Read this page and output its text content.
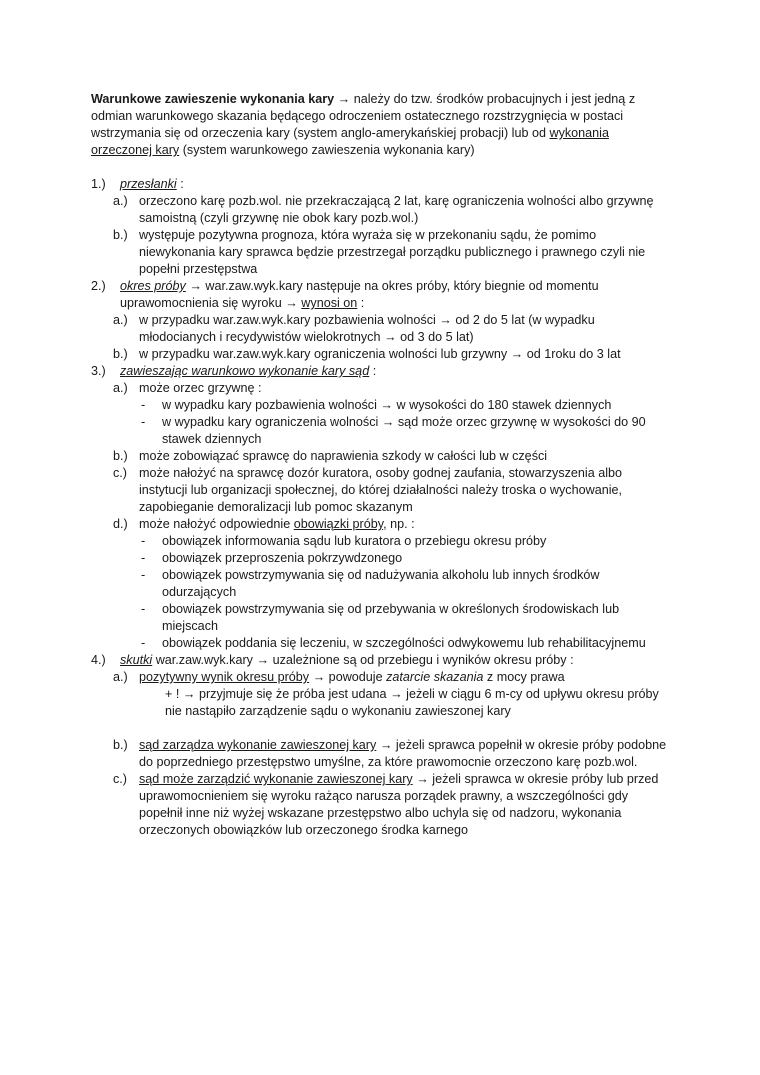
Warunkowe zawieszenie wykonania kary → należy do tzw. środków probacujnych i jest jedną z odmian warunkowego skazania będącego odroczeniem ostatecznego rozstrzygnięcia w postaci wstrzymania się od orzeczenia kary (system anglo-amerykańskiej probacji) lub od wykonania orzeczonej kary (system warunkowego zawieszenia wykonania kary)

1.)	przesłanki :
a.) orzeczono karę pozb.wol. nie przekraczającą 2 lat, karę ograniczenia wolności albo grzywnę samoistną (czyli grzywnę nie obok kary pozb.wol.)
b.) występuje pozytywna prognoza, która wyraża się w przekonaniu sądu, że pomimo niewykonania kary sprawca będzie przestrzegał porządku publicznego i prawnego czyli nie popełni przestępstwa
2.)	okres próby → war.zaw.wyk.kary następuje na okres próby, który biegnie od momentu uprawomocnienia się wyroku → wynosi on :
a.) w przypadku war.zaw.wyk.kary pozbawienia wolności → od 2 do 5 lat (w wypadku młodocianych i recydywistów wielokrotnych → od 3 do 5 lat)
b.) w przypadku war.zaw.wyk.kary ograniczenia wolności lub grzywny → od 1roku do 3 lat
3.)	zawieszając warunkowo wykonanie kary sąd :
a.) może orzec grzywnę :
-	w wypadku kary pozbawienia wolności → w wysokości do 180 stawek dziennych
-	w wypadku kary ograniczenia wolności → sąd może orzec grzywnę w wysokości do 90 stawek dziennych
b.) może zobowiązać sprawcę do naprawienia szkody w całości lub w części
c.) może nałożyć na sprawcę dozór kuratora, osoby godnej zaufania, stowarzyszenia albo instytucji lub organizacji społecznej, do której działalności należy troska o wychowanie, zapobieganie demoralizacji lub pomoc skazanym
d.) może nałożyć odpowiednie obowiązki próby, np. :
-	obowiązek informowania sądu lub kuratora o przebiegu okresu próby
-	obowiązek przeproszenia pokrzywdzonego
-	obowiązek powstrzymywania się od nadużywania alkoholu lub innych środków odurzających
-	obowiązek powstrzymywania się od przebywania w określonych środowiskach lub miejscach
-	obowiązek poddania się leczeniu, w szczególności odwykowemu lub rehabilitacyjnemu
4.)	skutki war.zaw.wyk.kary → uzależnione są od przebiegu i wyników okresu próby :
a.) pozytywny wynik okresu próby → powoduje zatarcie skazania z mocy prawa

+ ! → przyjmuje się że próba jest udana → jeżeli w ciągu 6 m-cy od upływu okresu próby nie nastąpiło zarządzenie sądu o wykonaniu zawieszonej kary

b.) sąd zarządza wykonanie zawieszonej kary → jeżeli sprawca popełnił w okresie próby podobne do poprzedniego przestępstwo umyślne, za które prawomocnie orzeczono karę pozb.wol.
c.) sąd może zarządzić wykonanie zawieszonej kary → jeżeli sprawca w okresie próby lub przed uprawomocnieniem się wyroku rażąco narusza porządek prawny, a wszczególności gdy popełnił inne niż wyżej wskazane przestępstwo albo uchyla się od nadzoru, wykonania orzeczonych obowiązków lub orzeczonego środka karnego
